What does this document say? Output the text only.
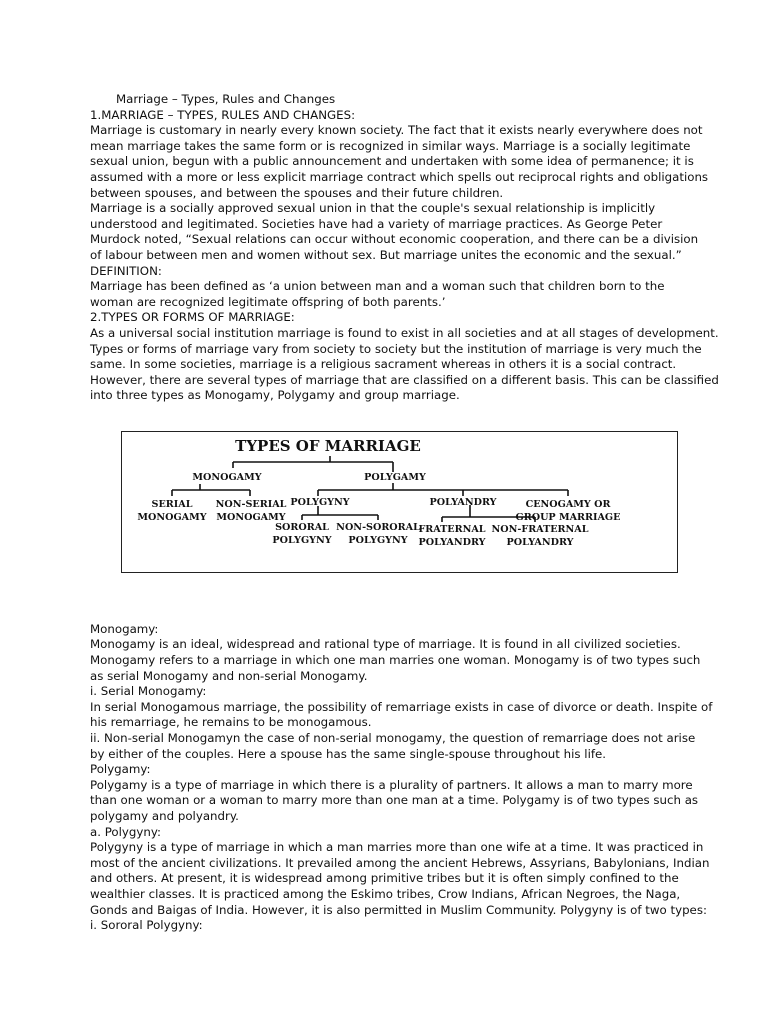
Marriage – Types, Rules and Changes
1.MARRIAGE – TYPES, RULES AND CHANGES:
Marriage is customary in nearly every known society. The fact that it exists nearly everywhere does not
mean marriage takes the same form or is recognized in similar ways. Marriage is a socially legitimate
sexual union, begun with a public announcement and undertaken with some idea of permanence; it is
assumed with a more or less explicit marriage contract which spells out reciprocal rights and obligations
between spouses, and between the spouses and their future children.
Marriage is a socially approved sexual union in that the couple's sexual relationship is implicitly
understood and legitimated. Societies have had a variety of marriage practices. As George Peter
Murdock noted, “Sexual relations can occur without economic cooperation, and there can be a division
of labour between men and women without sex. But marriage unites the economic and the sexual.”
DEFINITION:
Marriage has been defined as ‘a union between man and a woman such that children born to the
woman are recognized legitimate offspring of both parents.’
2.TYPES OR FORMS OF MARRIAGE:
As a universal social institution marriage is found to exist in all societies and at all stages of development.
Types or forms of marriage vary from society to society but the institution of marriage is very much the
same. In some societies, marriage is a religious sacrament whereas in others it is a social contract.
However, there are several types of marriage that are classified on a different basis. This can be classified
into three types as Monogamy, Polygamy and group marriage.
TYPES OF MARRIAGE
MONOGAMY	POLYGAMY
SERIAL
MONOGAMY
NON-SERIAL
MONOGAMY
POLYGYNY	POLYANDRY	CENOGAMY OR
GROUP MARRIAGE
SORORAL
POLYGYNY
NON-SORORAL
POLYGYNY
FRATERNAL
POLYANDRY
NON-FRATERNAL
POLYANDRY
Monogamy:
Monogamy is an ideal, widespread and rational type of marriage. It is found in all civilized societies.
Monogamy refers to a marriage in which one man marries one woman. Monogamy is of two types such
as serial Monogamy and non-serial Monogamy.
i. Serial Monogamy:
In serial Monogamous marriage, the possibility of remarriage exists in case of divorce or death. Inspite of
his remarriage, he remains to be monogamous.
ii. Non-serial Monogamyn the case of non-serial monogamy, the question of remarriage does not arise
by either of the couples. Here a spouse has the same single-spouse throughout his life.
Polygamy:
Polygamy is a type of marriage in which there is a plurality of partners. It allows a man to marry more
than one woman or a woman to marry more than one man at a time. Polygamy is of two types such as
polygamy and polyandry.
a. Polygyny:
Polygyny is a type of marriage in which a man marries more than one wife at a time. It was practiced in
most of the ancient civilizations. It prevailed among the ancient Hebrews, Assyrians, Babylonians, Indian
and others. At present, it is widespread among primitive tribes but it is often simply confined to the
wealthier classes. It is practiced among the Eskimo tribes, Crow Indians, African Negroes, the Naga,
Gonds and Baigas of India. However, it is also permitted in Muslim Community. Polygyny is of two types:
i. Sororal Polygyny:
